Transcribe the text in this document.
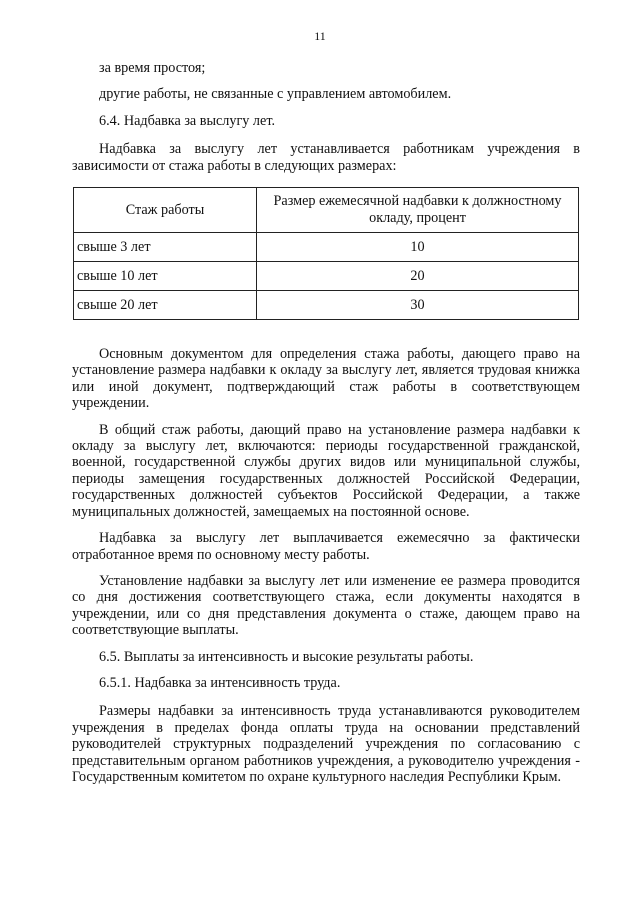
11

за время простоя;

другие работы, не связанные с управлением автомобилем.

6.4. Надбавка за выслугу лет.

Надбавка за выслугу лет устанавливается работникам учреждения в зависимости от стажа работы в следующих размерах:

Стаж работы	Размер ежемесячной надбавки к должностному окладу, процент
свыше 3 лет	10
свыше 10 лет	20
свыше 20 лет	30

Основным документом для определения стажа работы, дающего право на установление размера надбавки к окладу за выслугу лет, является трудовая книжка или иной документ, подтверждающий стаж работы в соответствующем учреждении.

В общий стаж работы, дающий право на установление размера надбавки к окладу за выслугу лет, включаются: периоды государственной гражданской, военной, государственной службы других видов или муниципальной службы, периоды замещения государственных должностей Российской Федерации, государственных должностей субъектов Российской Федерации, а также муниципальных должностей, замещаемых на постоянной основе.

Надбавка за выслугу лет выплачивается ежемесячно за фактически отработанное время по основному месту работы.

Установление надбавки за выслугу лет или изменение ее размера проводится со дня достижения соответствующего стажа, если документы находятся в учреждении, или со дня представления документа о стаже, дающем право на соответствующие выплаты.

6.5. Выплаты за интенсивность и высокие результаты работы.

6.5.1. Надбавка за интенсивность труда.

Размеры надбавки за интенсивность труда устанавливаются руководителем учреждения в пределах фонда оплаты труда на основании представлений руководителей структурных подразделений учреждения по согласованию с представительным органом работников учреждения, а руководителю учреждения - Государственным комитетом по охране культурного наследия Республики Крым.
